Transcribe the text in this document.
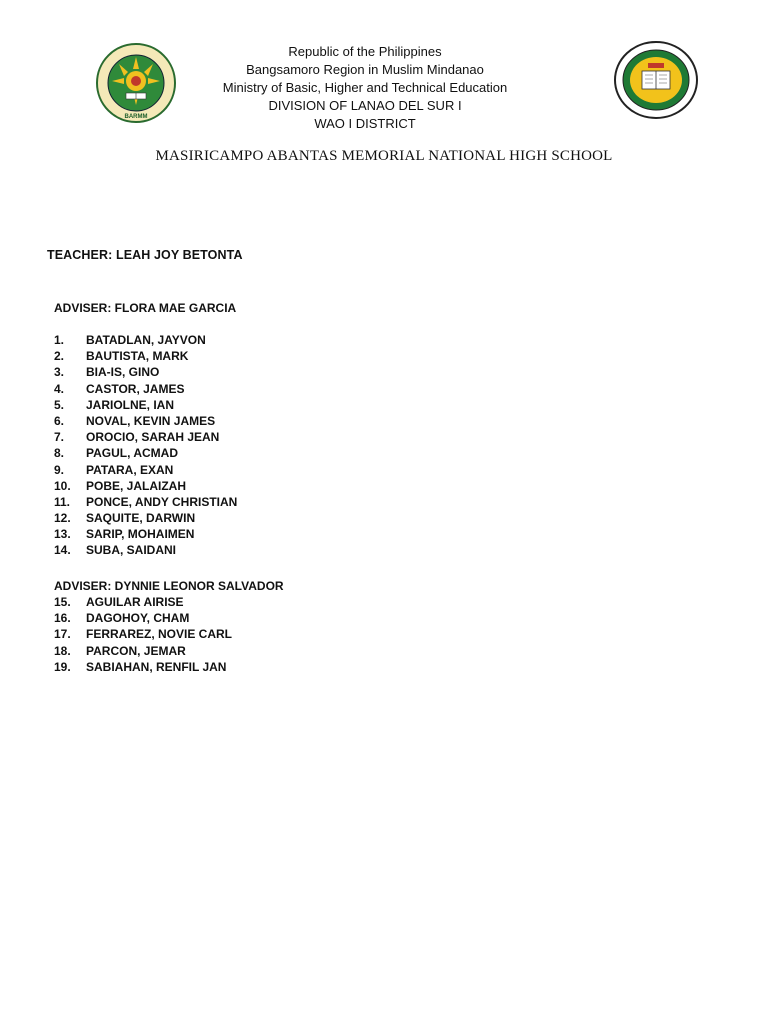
BARMM
Republic of the Philippines
Bangsamoro Region in Muslim Mindanao
Ministry of Basic, Higher and Technical Education
DIVISION OF LANAO DEL SUR I
WAO I DISTRICT
MASIRICAMPO ABANTAS MEMORIAL NATIONAL HIGH SCHOOL
TEACHER: LEAH JOY BETONTA
ADVISER: FLORA MAE GARCIA
1.	BATADLAN, JAYVON
2.	BAUTISTA, MARK
3.	BIA-IS, GINO
4.	CASTOR, JAMES
5.	JARIOLNE, IAN
6.	NOVAL, KEVIN JAMES
7.	OROCIO, SARAH JEAN
8.	PAGUL, ACMAD
9.	PATARA, EXAN
10.	POBE, JALAIZAH
11.	PONCE, ANDY CHRISTIAN
12.	SAQUITE, DARWIN
13.	SARIP, MOHAIMEN
14.	SUBA, SAIDANI
ADVISER: DYNNIE LEONOR SALVADOR
15.	AGUILAR AIRISE
16.	DAGOHOY, CHAM
17.	FERRAREZ, NOVIE CARL
18.	PARCON, JEMAR
19.	SABIAHAN, RENFIL JAN
